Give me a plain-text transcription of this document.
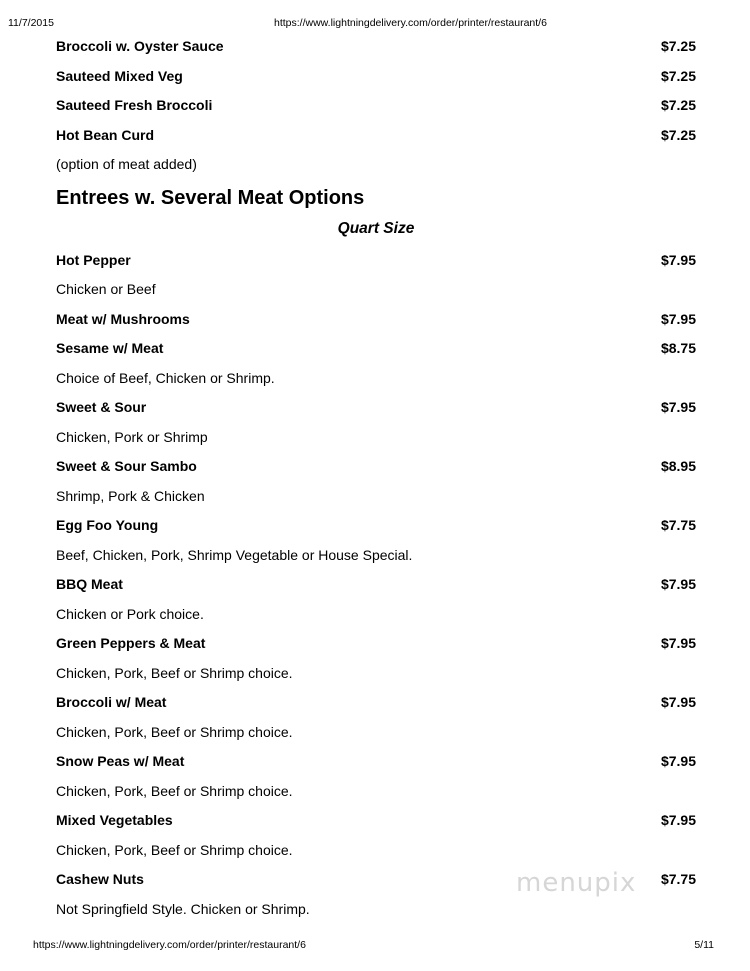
11/7/2015	https://www.lightningdelivery.com/order/printer/restaurant/6
Broccoli w. Oyster Sauce	$7.25
Sauteed Mixed Veg	$7.25
Sauteed Fresh Broccoli	$7.25
Hot Bean Curd	$7.25
(option of meat added)
Entrees w. Several Meat Options
Quart Size
Hot Pepper	$7.95
Chicken or Beef
Meat w/ Mushrooms	$7.95
Sesame w/ Meat	$8.75
Choice of Beef, Chicken or Shrimp.
Sweet & Sour	$7.95
Chicken, Pork or Shrimp
Sweet & Sour Sambo	$8.95
Shrimp, Pork & Chicken
Egg Foo Young	$7.75
Beef, Chicken, Pork, Shrimp Vegetable or House Special.
BBQ Meat	$7.95
Chicken or Pork choice.
Green Peppers & Meat	$7.95
Chicken, Pork, Beef or Shrimp choice.
Broccoli w/ Meat	$7.95
Chicken, Pork, Beef or Shrimp choice.
Snow Peas w/ Meat	$7.95
Chicken, Pork, Beef or Shrimp choice.
Mixed Vegetables	$7.95
Chicken, Pork, Beef or Shrimp choice.
Cashew Nuts	$7.75
Not Springfield Style. Chicken or Shrimp.
menupix
https://www.lightningdelivery.com/order/printer/restaurant/6	5/11
